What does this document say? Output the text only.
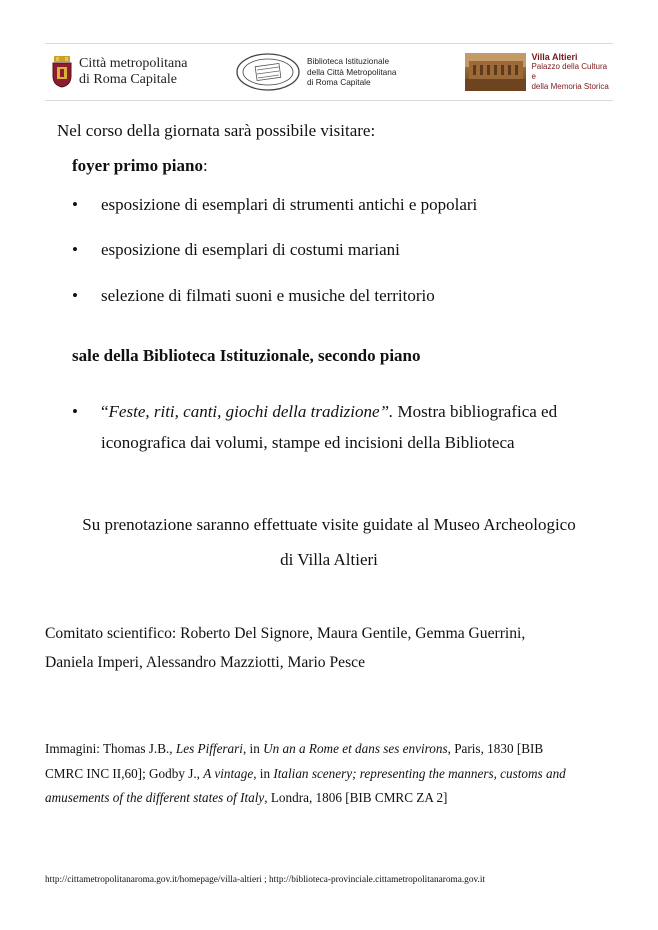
Città metropolitana
di Roma Capitale
Biblioteca Istituzionale
della Città Metropolitana
di Roma Capitale
Villa Altieri
Palazzo della Cultura e
della Memoria Storica
Nel corso della giornata sarà possibile visitare:
foyer primo piano:
• esposizione di esemplari di strumenti antichi e popolari
• esposizione di esemplari di costumi mariani
• selezione di filmati suoni e musiche del territorio
sale della Biblioteca Istituzionale, secondo piano
• “Feste, riti, canti, giochi della tradizione”. Mostra bibliografica ed
iconografica dai volumi, stampe ed incisioni della Biblioteca
Su prenotazione saranno effettuate visite guidate al Museo Archeologico
di Villa Altieri
Comitato scientifico: Roberto Del Signore, Maura Gentile, Gemma Guerrini,
Daniela Imperi, Alessandro Mazziotti, Mario Pesce
Immagini: Thomas J.B., Les Pifferari, in Un an a Rome et dans ses environs, Paris, 1830 [BIB
CMRC INC II,60]; Godby J., A vintage, in Italian scenery; representing the manners, customs and
amusements of the different states of Italy, Londra, 1806 [BIB CMRC ZA 2]
http://cittametropolitanaroma.gov.it/homepage/villa-altieri ; http://biblioteca-provinciale.cittametropolitanaroma.gov.it
